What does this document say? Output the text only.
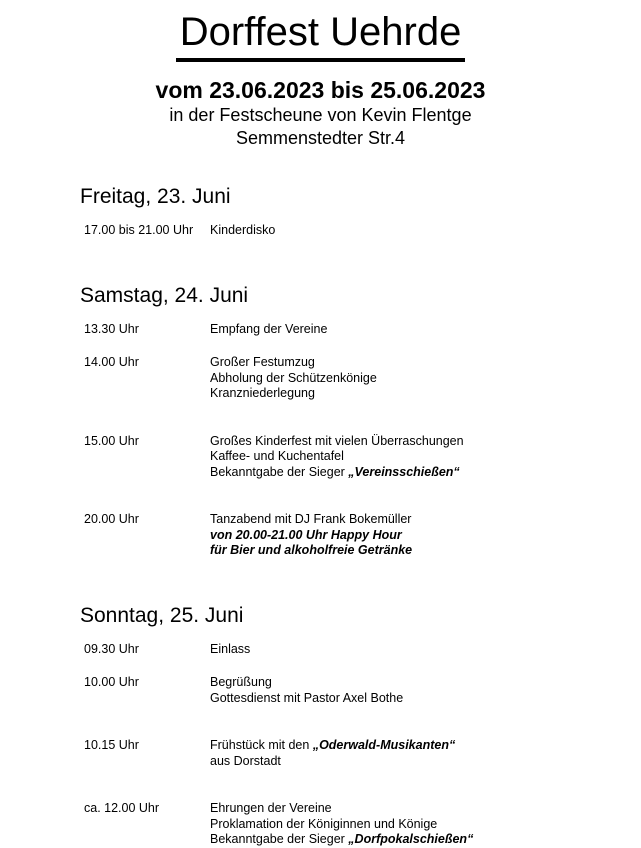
Dorffest Uehrde
vom 23.06.2023 bis 25.06.2023
in der Festscheune von Kevin Flentge
Semmenstedter Str.4
Freitag, 23. Juni
17.00 bis 21.00 Uhr	Kinderdisko
Samstag, 24. Juni
13.30 Uhr	Empfang der Vereine
14.00 Uhr	Großer Festumzug
Abholung der Schützenkönige
Kranzniederlegung
15.00 Uhr	Großes Kinderfest mit vielen Überraschungen
Kaffee- und Kuchentafel
Bekanntgabe der Sieger „Vereinsschießen“
20.00 Uhr	Tanzabend mit DJ Frank Bokemüller
von 20.00-21.00 Uhr Happy Hour
für Bier und alkoholfreie Getränke
Sonntag, 25. Juni
09.30 Uhr	Einlass
10.00 Uhr	Begrüßung
Gottesdienst mit Pastor Axel Bothe
10.15 Uhr	Frühstück mit den „Oderwald-Musikanten“
aus Dorstadt
ca. 12.00 Uhr	Ehrungen der Vereine
Proklamation der Königinnen und Könige
Bekanntgabe der Sieger „Dorfpokalschießen“
